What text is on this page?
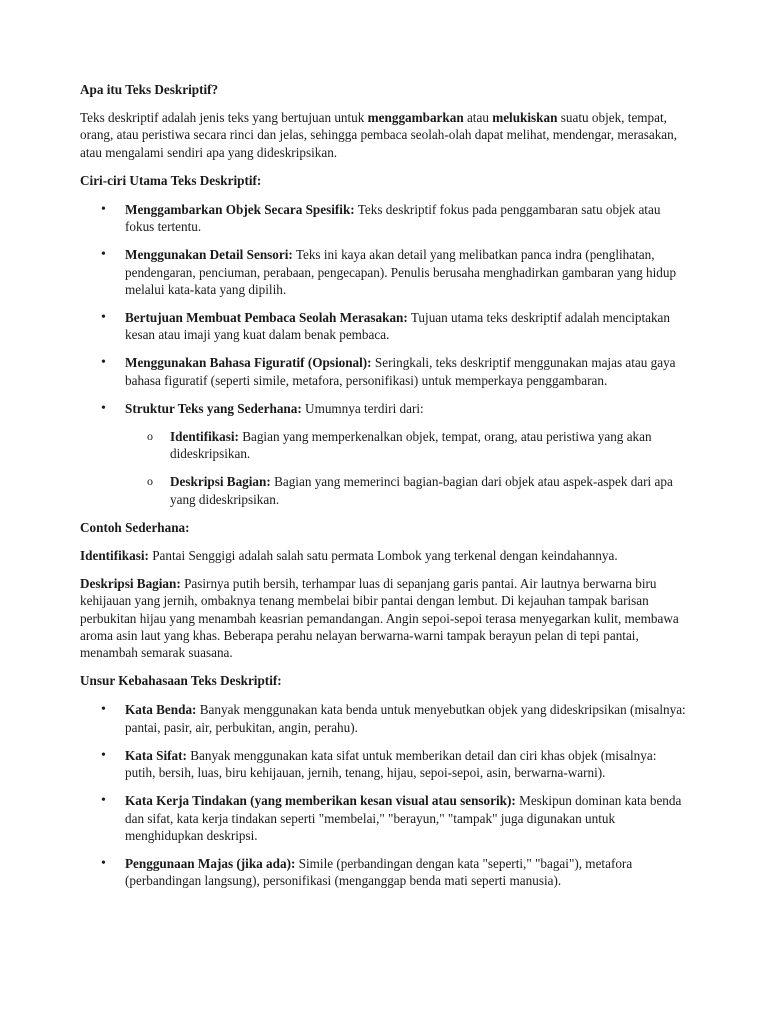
Apa itu Teks Deskriptif?

Teks deskriptif adalah jenis teks yang bertujuan untuk menggambarkan atau melukiskan suatu objek, tempat, orang, atau peristiwa secara rinci dan jelas, sehingga pembaca seolah-olah dapat melihat, mendengar, merasakan, atau mengalami sendiri apa yang dideskripsikan.

Ciri-ciri Utama Teks Deskriptif:

• Menggambarkan Objek Secara Spesifik: Teks deskriptif fokus pada penggambaran satu objek atau fokus tertentu.
• Menggunakan Detail Sensori: Teks ini kaya akan detail yang melibatkan panca indra (penglihatan, pendengaran, penciuman, perabaan, pengecapan). Penulis berusaha menghadirkan gambaran yang hidup melalui kata-kata yang dipilih.
• Bertujuan Membuat Pembaca Seolah Merasakan: Tujuan utama teks deskriptif adalah menciptakan kesan atau imaji yang kuat dalam benak pembaca.
• Menggunakan Bahasa Figuratif (Opsional): Seringkali, teks deskriptif menggunakan majas atau gaya bahasa figuratif (seperti simile, metafora, personifikasi) untuk memperkaya penggambaran.
• Struktur Teks yang Sederhana: Umumnya terdiri dari:
o Identifikasi: Bagian yang memperkenalkan objek, tempat, orang, atau peristiwa yang akan dideskripsikan.
o Deskripsi Bagian: Bagian yang memerinci bagian-bagian dari objek atau aspek-aspek dari apa yang dideskripsikan.

Contoh Sederhana:

Identifikasi: Pantai Senggigi adalah salah satu permata Lombok yang terkenal dengan keindahannya.

Deskripsi Bagian: Pasirnya putih bersih, terhampar luas di sepanjang garis pantai. Air lautnya berwarna biru kehijauan yang jernih, ombaknya tenang membelai bibir pantai dengan lembut. Di kejauhan tampak barisan perbukitan hijau yang menambah keasrian pemandangan. Angin sepoi-sepoi terasa menyegarkan kulit, membawa aroma asin laut yang khas. Beberapa perahu nelayan berwarna-warni tampak berayun pelan di tepi pantai, menambah semarak suasana.

Unsur Kebahasaan Teks Deskriptif:

• Kata Benda: Banyak menggunakan kata benda untuk menyebutkan objek yang dideskripsikan (misalnya: pantai, pasir, air, perbukitan, angin, perahu).
• Kata Sifat: Banyak menggunakan kata sifat untuk memberikan detail dan ciri khas objek (misalnya: putih, bersih, luas, biru kehijauan, jernih, tenang, hijau, sepoi-sepoi, asin, berwarna-warni).
• Kata Kerja Tindakan (yang memberikan kesan visual atau sensorik): Meskipun dominan kata benda dan sifat, kata kerja tindakan seperti "membelai," "berayun," "tampak" juga digunakan untuk menghidupkan deskripsi.
• Penggunaan Majas (jika ada): Simile (perbandingan dengan kata "seperti," "bagai"), metafora (perbandingan langsung), personifikasi (menganggap benda mati seperti manusia).
